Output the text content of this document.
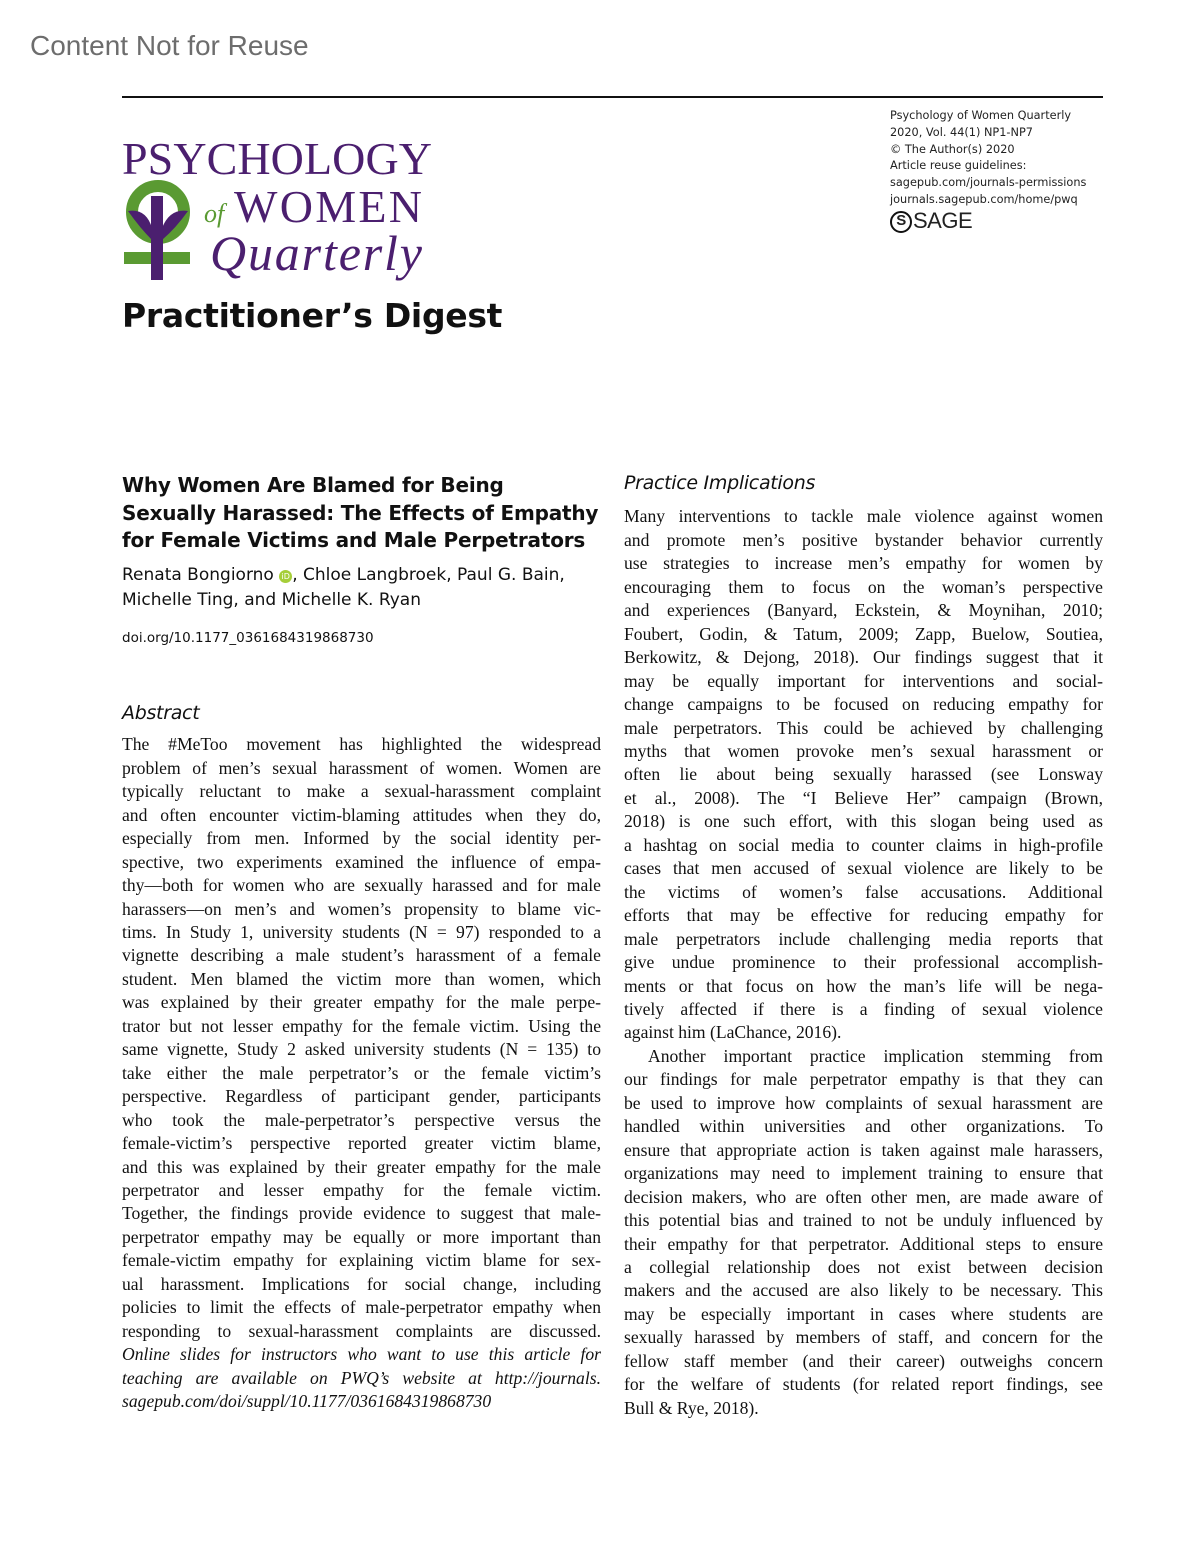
Content Not for Reuse
PSYCHOLOGY
of WOMEN
Quarterly
Psychology of Women Quarterly
2020, Vol. 44(1) NP1-NP7
© The Author(s) 2020
Article reuse guidelines:
sagepub.com/journals-permissions
journals.sagepub.com/home/pwq
S SAGE
Practitioner’s Digest
Why Women Are Blamed for Being Sexually Harassed: The Effects of Empathy for Female Victims and Male Perpetrators
Renata Bongiorno iD , Chloe Langbroek, Paul G. Bain,
Michelle Ting, and Michelle K. Ryan
doi.org/10.1177_0361684319868730
Abstract
The #MeToo movement has highlighted the widespread
problem of men’s sexual harassment of women. Women are
typically reluctant to make a sexual-harassment complaint
and often encounter victim-blaming attitudes when they do,
especially from men. Informed by the social identity per-
spective, two experiments examined the influence of empa-
thy—both for women who are sexually harassed and for male
harassers—on men’s and women’s propensity to blame vic-
tims. In Study 1, university students (N = 97) responded to a
vignette describing a male student’s harassment of a female
student. Men blamed the victim more than women, which
was explained by their greater empathy for the male perpe-
trator but not lesser empathy for the female victim. Using the
same vignette, Study 2 asked university students (N = 135) to
take either the male perpetrator’s or the female victim’s
perspective. Regardless of participant gender, participants
who took the male-perpetrator’s perspective versus the
female-victim’s perspective reported greater victim blame,
and this was explained by their greater empathy for the male
perpetrator and lesser empathy for the female victim.
Together, the findings provide evidence to suggest that male-
perpetrator empathy may be equally or more important than
female-victim empathy for explaining victim blame for sex-
ual harassment. Implications for social change, including
policies to limit the effects of male-perpetrator empathy when
responding to sexual-harassment complaints are discussed.
Online slides for instructors who want to use this article for
teaching are available on PWQ’s website at http://journals.
sagepub.com/doi/suppl/10.1177/0361684319868730
Practice Implications
Many interventions to tackle male violence against women
and promote men’s positive bystander behavior currently
use strategies to increase men’s empathy for women by
encouraging them to focus on the woman’s perspective
and experiences (Banyard, Eckstein, & Moynihan, 2010;
Foubert, Godin, & Tatum, 2009; Zapp, Buelow, Soutiea,
Berkowitz, & Dejong, 2018). Our findings suggest that it
may be equally important for interventions and social-
change campaigns to be focused on reducing empathy for
male perpetrators. This could be achieved by challenging
myths that women provoke men’s sexual harassment or
often lie about being sexually harassed (see Lonsway
et al., 2008). The “I Believe Her” campaign (Brown,
2018) is one such effort, with this slogan being used as
a hashtag on social media to counter claims in high-profile
cases that men accused of sexual violence are likely to be
the victims of women’s false accusations. Additional
efforts that may be effective for reducing empathy for
male perpetrators include challenging media reports that
give undue prominence to their professional accomplish-
ments or that focus on how the man’s life will be nega-
tively affected if there is a finding of sexual violence
against him (LaChance, 2016).
Another important practice implication stemming from
our findings for male perpetrator empathy is that they can
be used to improve how complaints of sexual harassment are
handled within universities and other organizations. To
ensure that appropriate action is taken against male harassers,
organizations may need to implement training to ensure that
decision makers, who are often other men, are made aware of
this potential bias and trained to not be unduly influenced by
their empathy for that perpetrator. Additional steps to ensure
a collegial relationship does not exist between decision
makers and the accused are also likely to be necessary. This
may be especially important in cases where students are
sexually harassed by members of staff, and concern for the
fellow staff member (and their career) outweighs concern
for the welfare of students (for related report findings, see
Bull & Rye, 2018).
